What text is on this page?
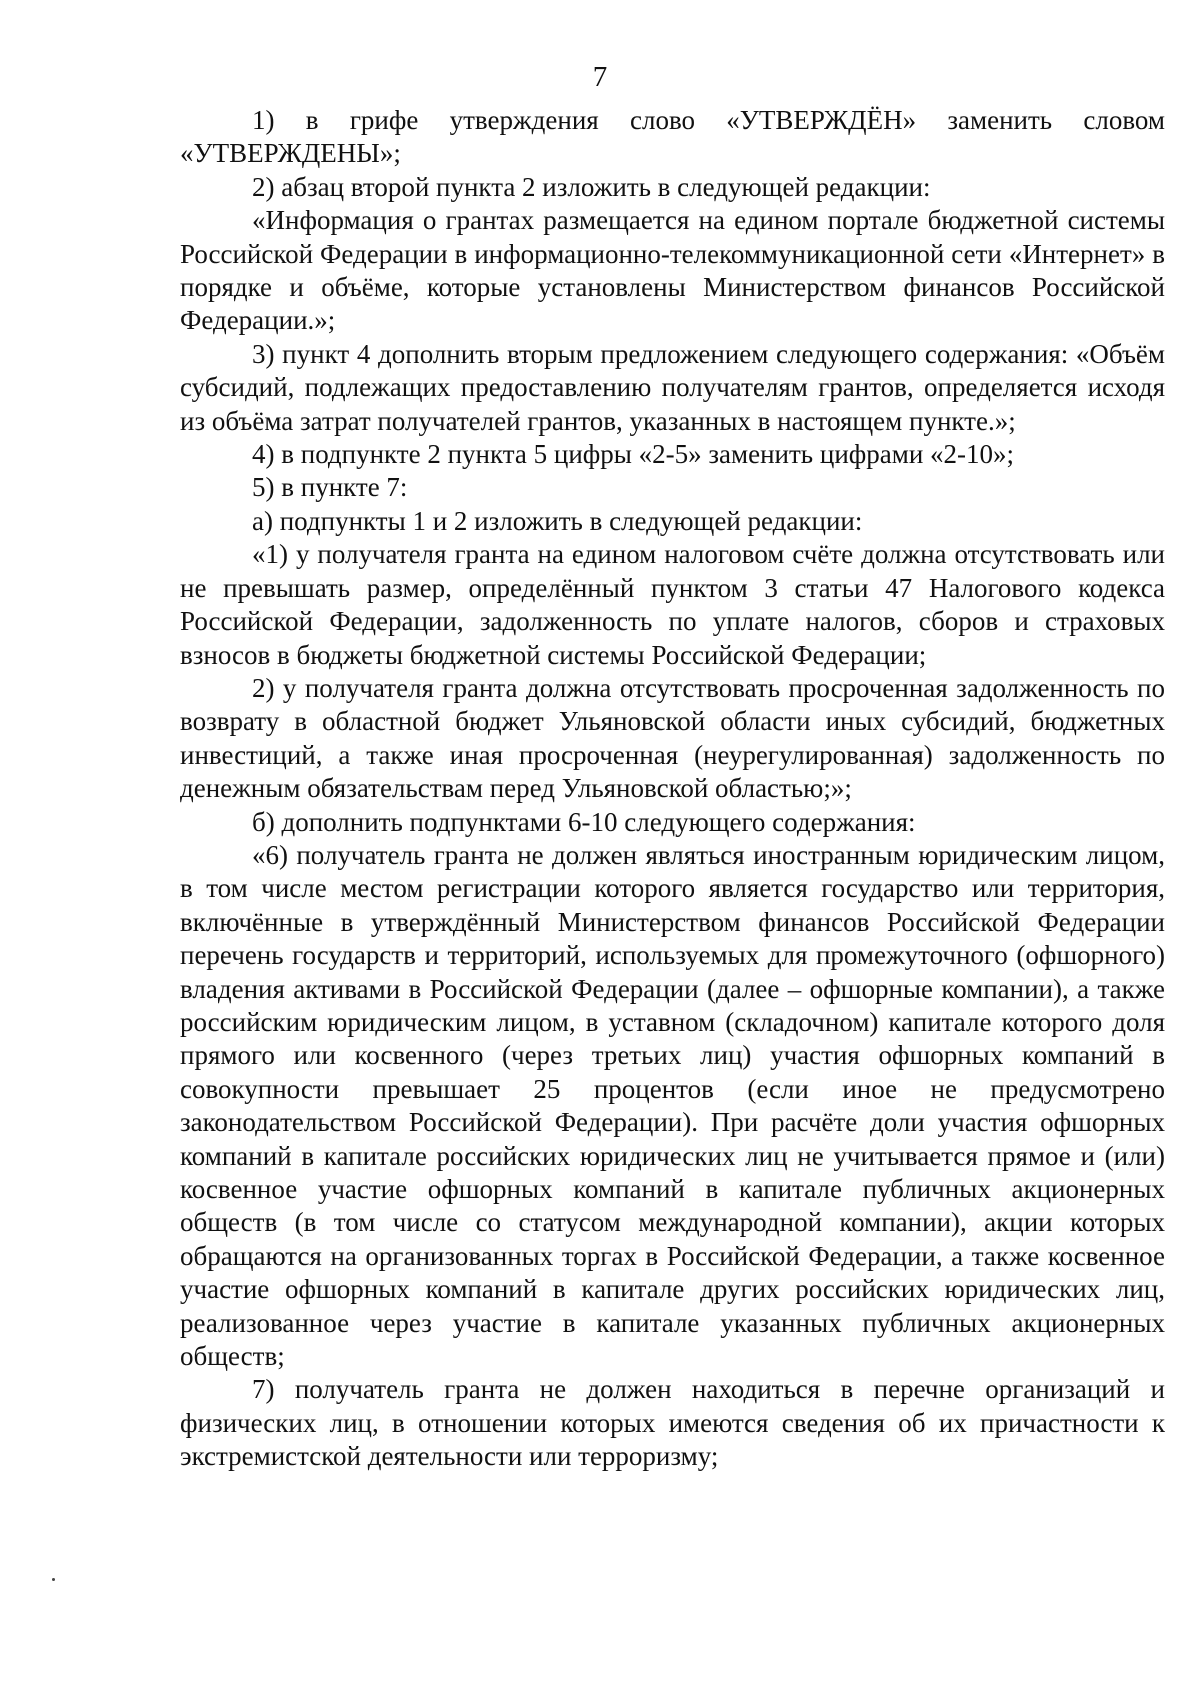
7

1) в грифе утверждения слово «УТВЕРЖДЁН» заменить словом «УТВЕРЖДЕНЫ»;

2) абзац второй пункта 2 изложить в следующей редакции:

«Информация о грантах размещается на едином портале бюджетной системы Российской Федерации в информационно-телекоммуникационной сети «Интернет» в порядке и объёме, которые установлены Министерством финансов Российской Федерации.»;

3) пункт 4 дополнить вторым предложением следующего содержания: «Объём субсидий, подлежащих предоставлению получателям грантов, определяется исходя из объёма затрат получателей грантов, указанных в настоящем пункте.»;

4) в подпункте 2 пункта 5 цифры «2-5» заменить цифрами «2-10»;

5) в пункте 7:

а) подпункты 1 и 2 изложить в следующей редакции:

«1) у получателя гранта на едином налоговом счёте должна отсутствовать или не превышать размер, определённый пунктом 3 статьи 47 Налогового кодекса Российской Федерации, задолженность по уплате налогов, сборов и страховых взносов в бюджеты бюджетной системы Российской Федерации;

2) у получателя гранта должна отсутствовать просроченная задолженность по возврату в областной бюджет Ульяновской области иных субсидий, бюджетных инвестиций, а также иная просроченная (неурегулированная) задолженность по денежным обязательствам перед Ульяновской областью;»;

б) дополнить подпунктами 6-10 следующего содержания:

«6) получатель гранта не должен являться иностранным юридическим лицом, в том числе местом регистрации которого является государство или территория, включённые в утверждённый Министерством финансов Российской Федерации перечень государств и территорий, используемых для промежуточного (офшорного) владения активами в Российской Федерации (далее – офшорные компании), а также российским юридическим лицом, в уставном (складочном) капитале которого доля прямого или косвенного (через третьих лиц) участия офшорных компаний в совокупности превышает 25 процентов (если иное не предусмотрено законодательством Российской Федерации). При расчёте доли участия офшорных компаний в капитале российских юридических лиц не учитывается прямое и (или) косвенное участие офшорных компаний в капитале публичных акционерных обществ (в том числе со статусом международной компании), акции которых обращаются на организованных торгах в Российской Федерации, а также косвенное участие офшорных компаний в капитале других российских юридических лиц, реализованное через участие в капитале указанных публичных акционерных обществ;

7) получатель гранта не должен находиться в перечне организаций и физических лиц, в отношении которых имеются сведения об их причастности к экстремистской деятельности или терроризму;
